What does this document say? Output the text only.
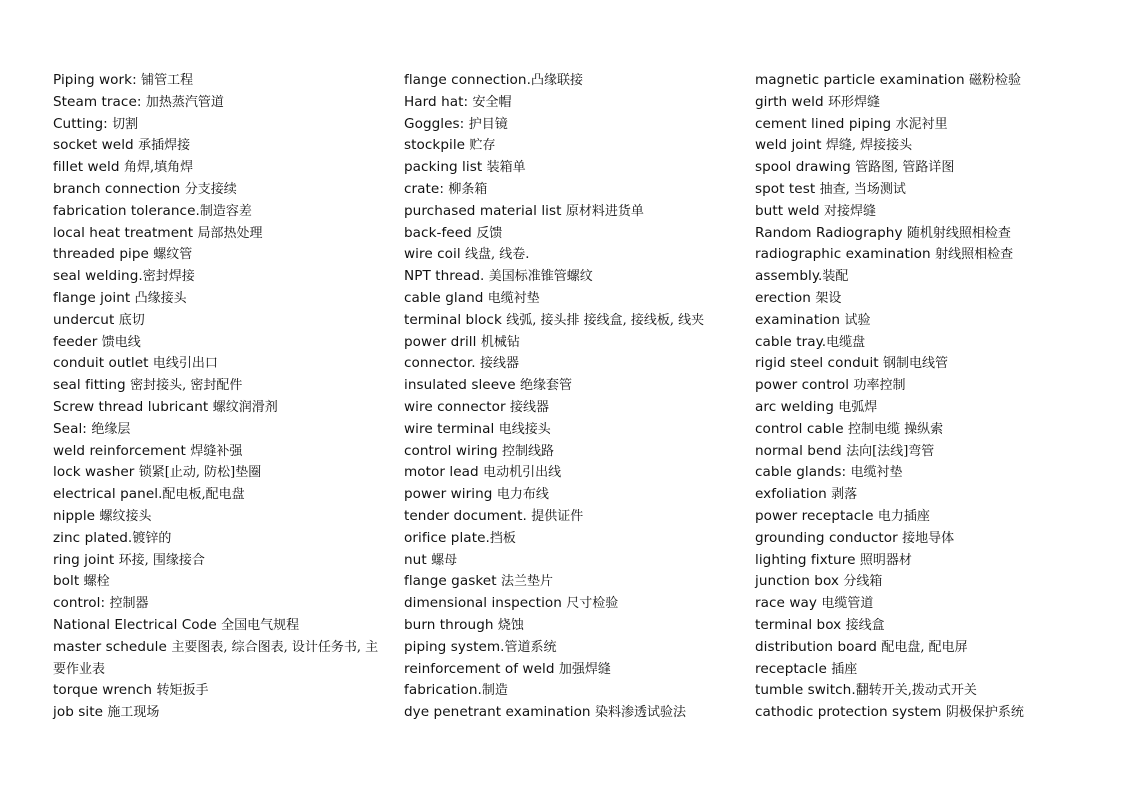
Piping work: 铺管工程
Steam trace: 加热蒸汽管道
Cutting: 切割
socket weld 承插焊接
fillet weld 角焊,填角焊
branch connection 分支接续
fabrication tolerance.制造容差
local heat treatment 局部热处理
threaded pipe 螺纹管
seal welding.密封焊接
flange joint 凸缘接头
undercut 底切
feeder 馈电线
conduit outlet 电线引出口
seal fitting 密封接头, 密封配件
Screw thread lubricant 螺纹润滑剂
Seal: 绝缘层
weld reinforcement 焊缝补强
lock washer 锁紧[止动, 防松]垫圈
electrical panel.配电板,配电盘
nipple 螺纹接头
zinc plated.镀锌的
ring joint 环接, 围缘接合
bolt 螺栓
control: 控制器
National Electrical Code 全国电气规程
master schedule 主要图表, 综合图表, 设计任务书, 主要作业表
torque wrench 转矩扳手
job site 施工现场
flange connection.凸缘联接
Hard hat: 安全帽
Goggles: 护目镜
stockpile 贮存
packing list 装箱单
crate: 柳条箱
purchased material list 原材料进货单
back-feed 反馈
wire coil 线盘, 线卷.
NPT thread. 美国标准锥管螺纹
cable gland 电缆衬垫
terminal block 线弧, 接头排 接线盒, 接线板, 线夹
power drill 机械钻
connector. 接线器
insulated sleeve 绝缘套管
wire connector 接线器
wire terminal 电线接头
control wiring 控制线路
motor lead 电动机引出线
power wiring 电力布线
tender document. 提供证件
orifice plate.挡板
nut 螺母
flange gasket 法兰垫片
dimensional inspection 尺寸检验
burn through 烧蚀
piping system.管道系统
reinforcement of weld 加强焊缝
fabrication.制造
dye penetrant examination 染料渗透试验法
magnetic particle examination 磁粉检验
girth weld 环形焊缝
cement lined piping 水泥衬里
weld joint 焊缝, 焊接接头
spool drawing 管路图, 管路详图
spot test 抽查, 当场测试
butt weld 对接焊缝
Random Radiography 随机射线照相检查
radiographic examination 射线照相检查
assembly.装配
erection 架设
examination 试验
cable tray.电缆盘
rigid steel conduit 钢制电线管
power control 功率控制
arc welding 电弧焊
control cable 控制电缆 操纵索
normal bend 法向[法线]弯管
cable glands: 电缆衬垫
exfoliation 剥落
power receptacle 电力插座
grounding conductor 接地导体
lighting fixture 照明器材
junction box 分线箱
race way 电缆管道
terminal box 接线盒
distribution board 配电盘, 配电屏
receptacle 插座
tumble switch.翻转开关,拨动式开关
cathodic protection system 阴极保护系统
